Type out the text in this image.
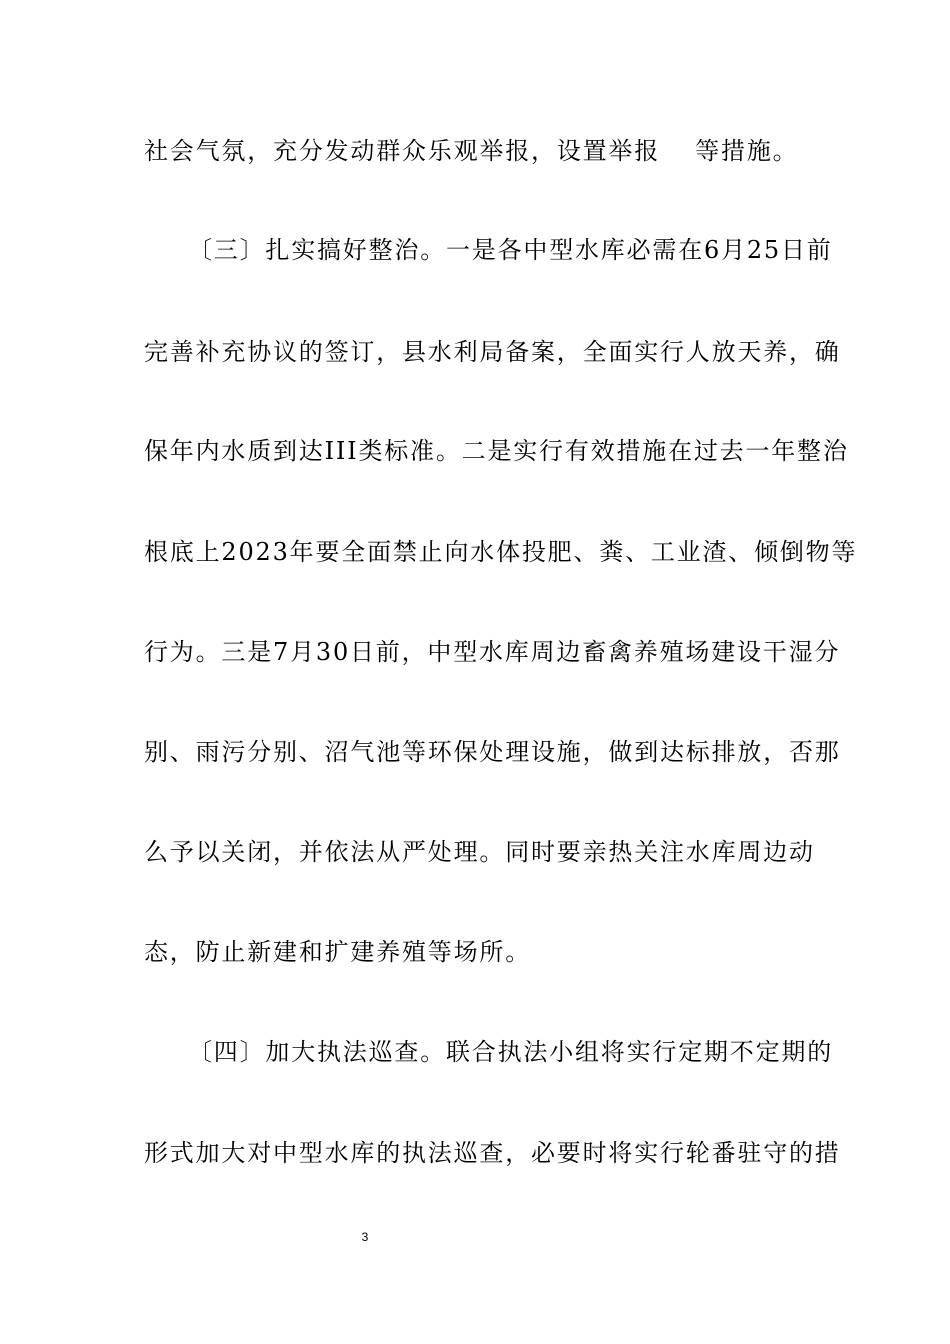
社会气氛，充分发动群众乐观举报，设置举报　 等措施。
〔三〕扎实搞好整治。一是各中型水库必需在6月25日前
完善补充协议的签订，县水利局备案，全面实行人放天养，确
保年内水质到达III类标准。二是实行有效措施在过去一年整治
根底上2023年要全面禁止向水体投肥、粪、工业渣、倾倒物等
行为。三是7月30日前，中型水库周边畜禽养殖场建设干湿分
别、雨污分别、沼气池等环保处理设施，做到达标排放，否那
么予以关闭，并依法从严处理。同时要亲热关注水库周边动
态，防止新建和扩建养殖等场所。
〔四〕加大执法巡查。联合执法小组将实行定期不定期的
形式加大对中型水库的执法巡查，必要时将实行轮番驻守的措
3
